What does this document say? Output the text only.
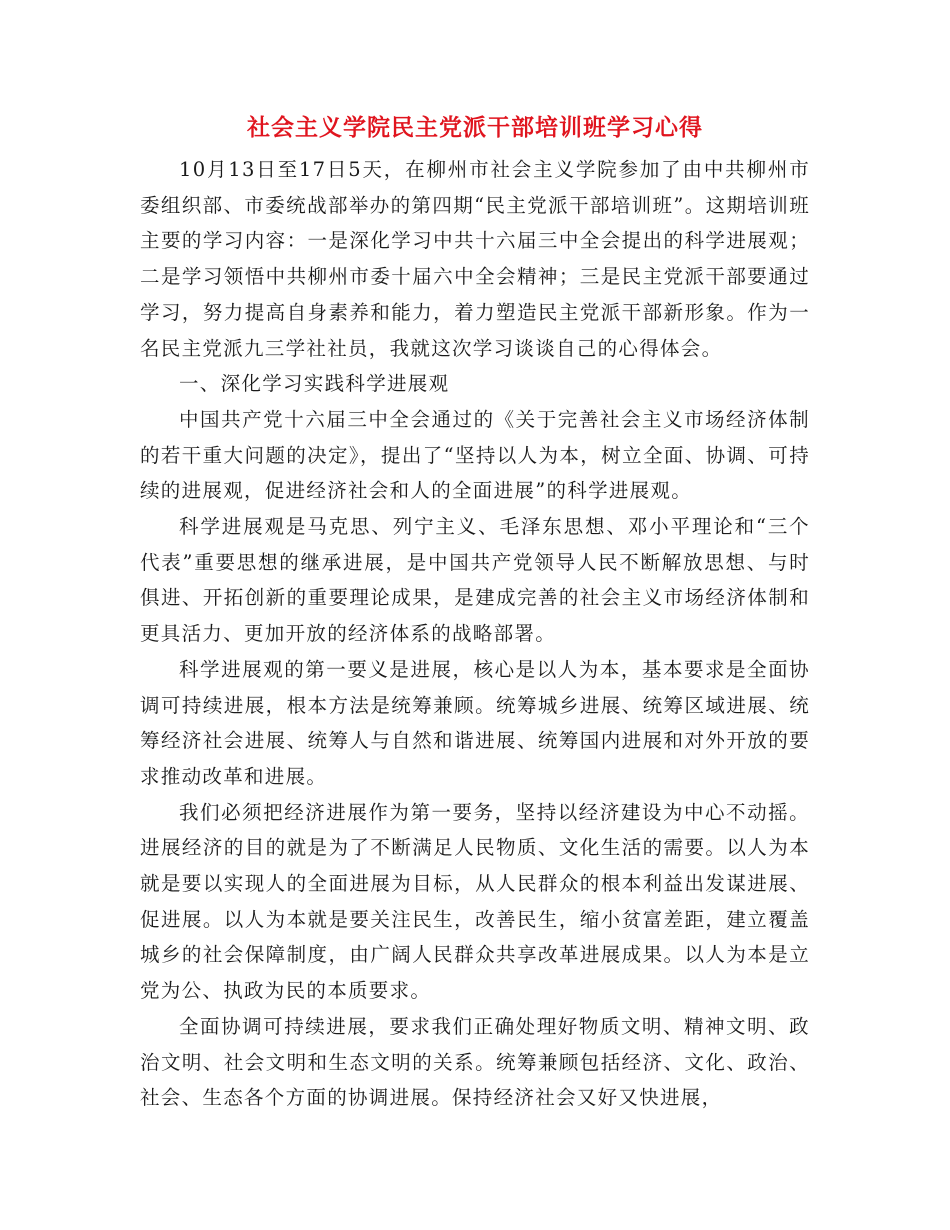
社会主义学院民主党派干部培训班学习心得

10月13日至17日5天，在柳州市社会主义学院参加了由中共柳州市委组织部、市委统战部举办的第四期“民主党派干部培训班”。这期培训班主要的学习内容：一是深化学习中共十六届三中全会提出的科学进展观；二是学习领悟中共柳州市委十届六中全会精神；三是民主党派干部要通过学习，努力提高自身素养和能力，着力塑造民主党派干部新形象。作为一名民主党派九三学社社员，我就这次学习谈谈自己的心得体会。

一、深化学习实践科学进展观

中国共产党十六届三中全会通过的《关于完善社会主义市场经济体制的若干重大问题的决定》，提出了“坚持以人为本，树立全面、协调、可持续的进展观，促进经济社会和人的全面进展”的科学进展观。

科学进展观是马克思、列宁主义、毛泽东思想、邓小平理论和“三个代表”重要思想的继承进展，是中国共产党领导人民不断解放思想、与时俱进、开拓创新的重要理论成果，是建成完善的社会主义市场经济体制和更具活力、更加开放的经济体系的战略部署。

科学进展观的第一要义是进展，核心是以人为本，基本要求是全面协调可持续进展，根本方法是统筹兼顾。统筹城乡进展、统筹区域进展、统筹经济社会进展、统筹人与自然和谐进展、统筹国内进展和对外开放的要求推动改革和进展。

我们必须把经济进展作为第一要务，坚持以经济建设为中心不动摇。进展经济的目的就是为了不断满足人民物质、文化生活的需要。以人为本就是要以实现人的全面进展为目标，从人民群众的根本利益出发谋进展、促进展。以人为本就是要关注民生，改善民生，缩小贫富差距，建立覆盖城乡的社会保障制度，由广阔人民群众共享改革进展成果。以人为本是立党为公、执政为民的本质要求。

全面协调可持续进展，要求我们正确处理好物质文明、精神文明、政治文明、社会文明和生态文明的关系。统筹兼顾包括经济、文化、政治、社会、生态各个方面的协调进展。保持经济社会又好又快进展，
